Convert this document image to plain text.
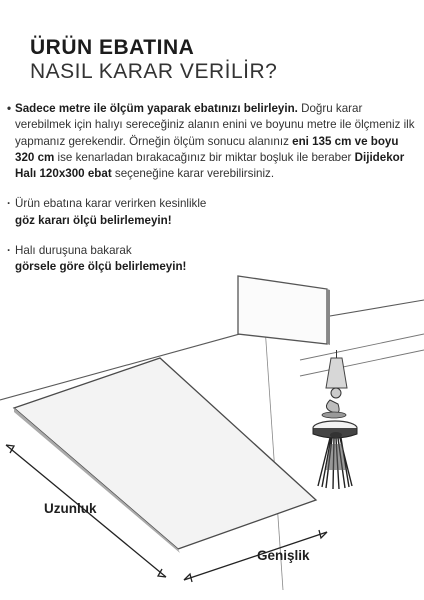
ÜRÜN EBATINA
NASIL KARAR VERİLİR?
• Sadece metre ile ölçüm yaparak ebatınızı belirleyin. Doğru karar verebilmek için halıyı sereceğiniz alanın enini ve boyunu metre ile ölçmeniz ilk yapmanız gerekendir. Örneğin ölçüm sonucu alanınız eni 135 cm ve boyu 320 cm ise kenarladan bırakacağınız bir miktar boşluk ile beraber Dijidekor Halı 120x300 ebat seçeneğine karar verebilirsiniz.
· Ürün ebatına karar verirken kesinlikle
göz kararı ölçü belirlemeyin!
· Halı duruşuna bakarak
görsele göre ölçü belirlemeyin!
Uzunluk
Genişlik
